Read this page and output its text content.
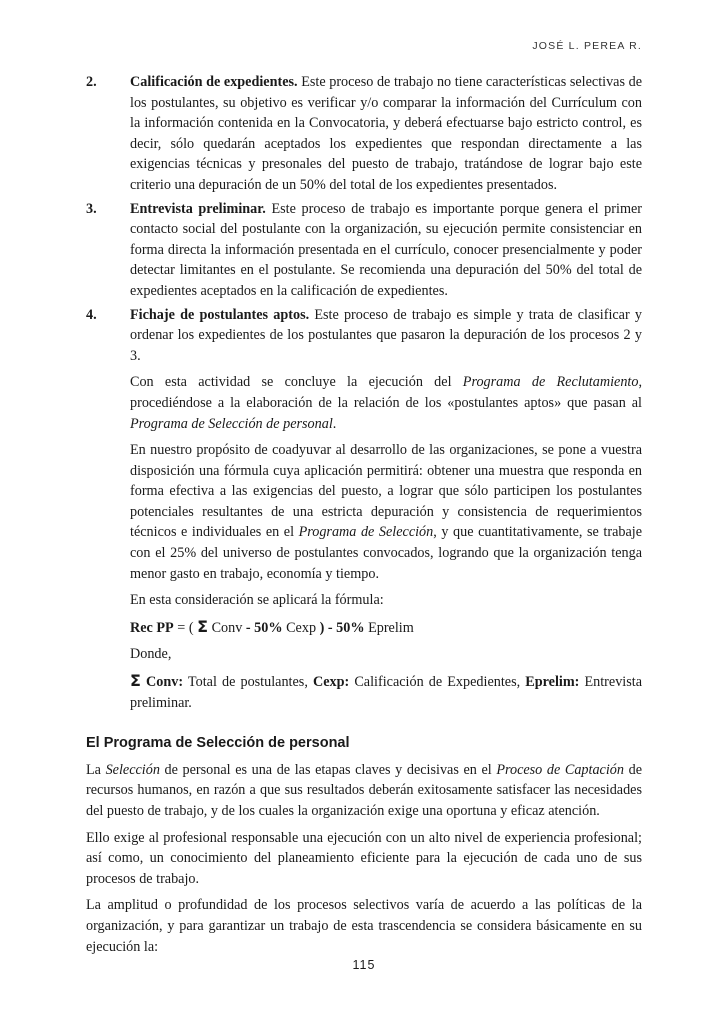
JOSÉ L. PEREA R.
2. Calificación de expedientes. Este proceso de trabajo no tiene características selectivas de los postulantes, su objetivo es verificar y/o comparar la información del Currículum con la información contenida en la Convocatoria, y deberá efectuarse bajo estricto control, es decir, sólo quedarán aceptados los expedientes que respondan directamente a las exigencias técnicas y presonales del puesto de trabajo, tratándose de lograr bajo este criterio una depuración de un 50% del total de los expedientes presentados.

3. Entrevista preliminar. Este proceso de trabajo es importante porque genera el primer contacto social del postulante con la organización, su ejecución permite consistenciar en forma directa la información presentada en el currículo, conocer presencialmente y poder detectar limitantes en el postulante. Se recomienda una depuración del 50% del total de expedientes aceptados en la calificación de expedientes.

4. Fichaje de postulantes aptos. Este proceso de trabajo es simple y trata de clasificar y ordenar los expedientes de los postulantes que pasaron la depuración de los procesos 2 y 3.

Con esta actividad se concluye la ejecución del Programa de Reclutamiento, procediéndose a la elaboración de la relación de los «postulantes aptos» que pasan al Programa de Selección de personal.

En nuestro propósito de coadyuvar al desarrollo de las organizaciones, se pone a vuestra disposición una fórmula cuya aplicación permitirá: obtener una muestra que responda en forma efectiva a las exigencias del puesto, a lograr que sólo participen los postulantes potenciales resultantes de una estricta depuración y consistencia de requerimientos técnicos e individuales en el Programa de Selección, y que cuantitativamente, se trabaje con el 25% del universo de postulantes convocados, logrando que la organización tenga menor gasto en trabajo, economía y tiempo.

En esta consideración se aplicará la fórmula:

Rec PP = ( Σ Conv - 50% Cexp ) - 50% Eprelim

Donde,

Σ Conv: Total de postulantes, Cexp: Calificación de Expedientes, Eprelim: Entrevista preliminar.

El Programa de Selección de personal

La Selección de personal es una de las etapas claves y decisivas en el Proceso de Captación de recursos humanos, en razón a que sus resultados deberán exitosamente satisfacer las necesidades del puesto de trabajo, y de los cuales la organización exige una oportuna y eficaz atención.

Ello exige al profesional responsable una ejecución con un alto nivel de experiencia profesional; así como, un conocimiento del planeamiento eficiente para la ejecución de cada uno de sus procesos de trabajo.

La amplitud o profundidad de los procesos selectivos varía de acuerdo a las políticas de la organización, y para garantizar un trabajo de esta trascendencia se considera básicamente en su ejecución la:

115
